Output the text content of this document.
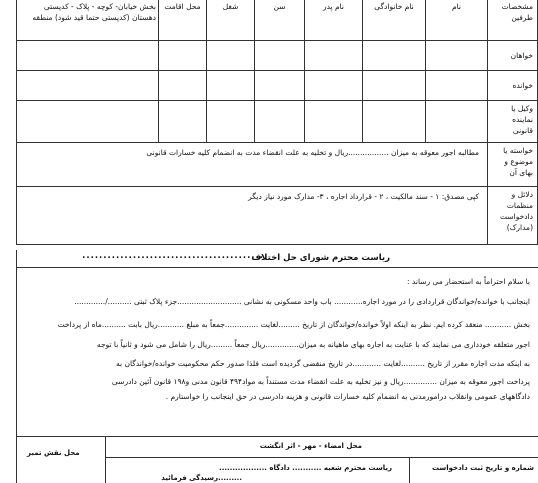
مشخصات طرفین	نام	نام خانوادگی	نام پدر	سن	شغل	محل اقامت	بخش خیابان- کوچه - پلاک - کدپستی دهستان (کدپستی حتما قید شود) منطقه
خواهان							
خوانده							
وکیل یا نماینده قانونی							
خواسته یا موضوع و بهای آن	مطالبه اجور معوقه به میزان .................ریال و تخلیه به علت انقضاء مدت به انضمام کلیه خسارات قانونی						
دلائل و منظمات دادخواست (مدارک)	کپی مصدق: ۱ - سند مالکیت ، ۲ - قرارداد اجاره ، ۳- مدارک مورد نیاز دیگر						
ریاست محترم شورای حل اختلاف
...........................................

با سلام احتراماً به استحضار می رساند :

اینجانب با خوانده/خواندگان قراردادی را در مورد اجاره............ باب واحد مسکونی به نشانی ...........................جزء پلاک ثبتی ........../.............

بخش ........... منعقد کرده ایم. نظر به اینکه اولاً خوانده/خواندگان از تاریخ .........لغایت ..............جمعاً به مبلغ ...........ریال بابت ..........ماه از پرداخت

اجور متعلقه خودداری می نمایند که با عنایت به اجاره بهای ماهیانه به میزان..............ریال جمعاً .........ریال را شامل می شود و ثانیاً با توجه

به اینکه مدت اجاره مقرر از تاریخ ..........لغایت ............در تاریخ منقضی گردیده است فلذا صدور حکم محکومیت خوانده/خواندگان به

پرداخت اجور معوقه به میزان ..............ریال و نیز تخلیه به علت انقضاء مدت مستنداً به مواد۴۹۴ قانون مدنی و۱۹۸ قانون آئین دادرسی

دادگاههای عمومی وانقلاب درامورمدنی به انضمام کلیه خسارات قانونی و هزینه دادرسی در حق اینجانب را خواستارم .

محل امضاء - مهر - اثر انگشت
محل نقش تمبر
شماره و تاریخ ثبت دادخواست
ریاست محترم شعبه ........... دادگاه ..................
.........رسیدگی فرمائید
